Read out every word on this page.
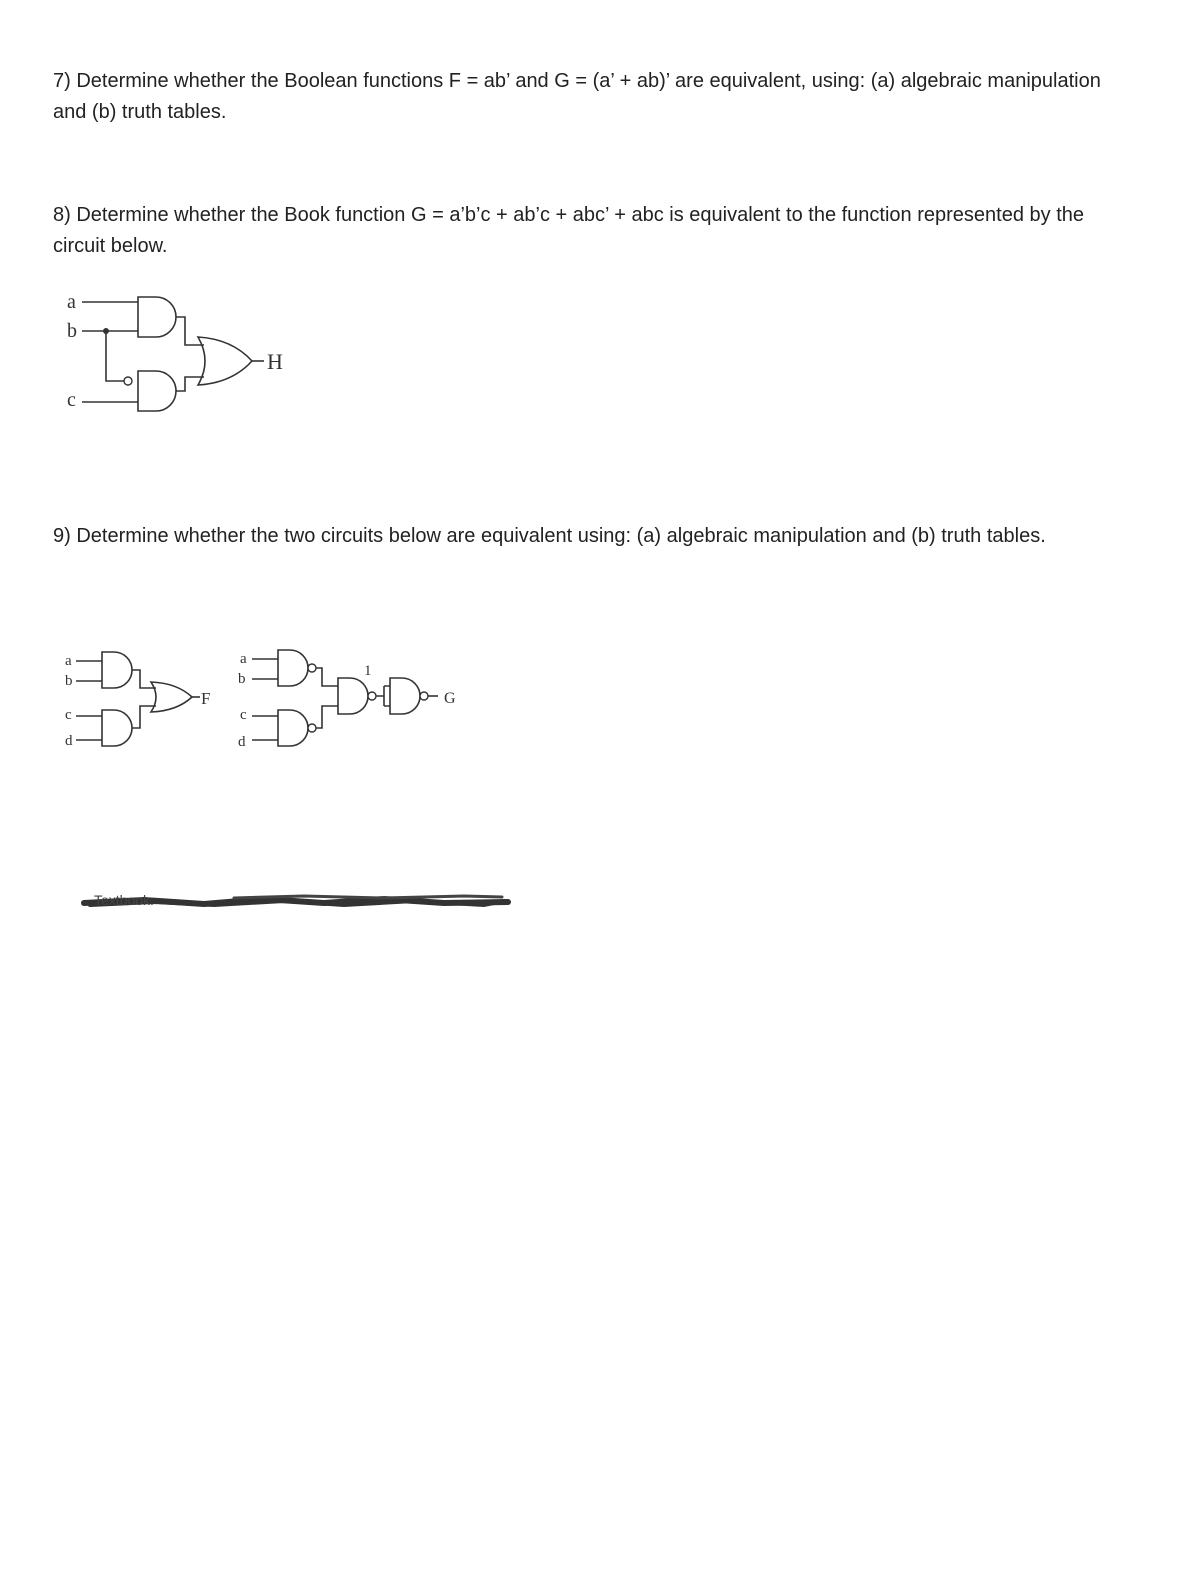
7) Determine whether the Boolean functions F = ab’ and G = (a’ + ab)’ are equivalent, using: (a) algebraic manipulation and (b) truth tables.

8) Determine whether the Book function G = a’b’c + ab’c + abc’ + abc is equivalent to the function represented by the circuit below.

a
b
c
H

9) Determine whether the two circuits below are equivalent using: (a) algebraic manipulation and (b) truth tables.

a
b
c
d
F
a
b
c
d
1
G
Textbook:
